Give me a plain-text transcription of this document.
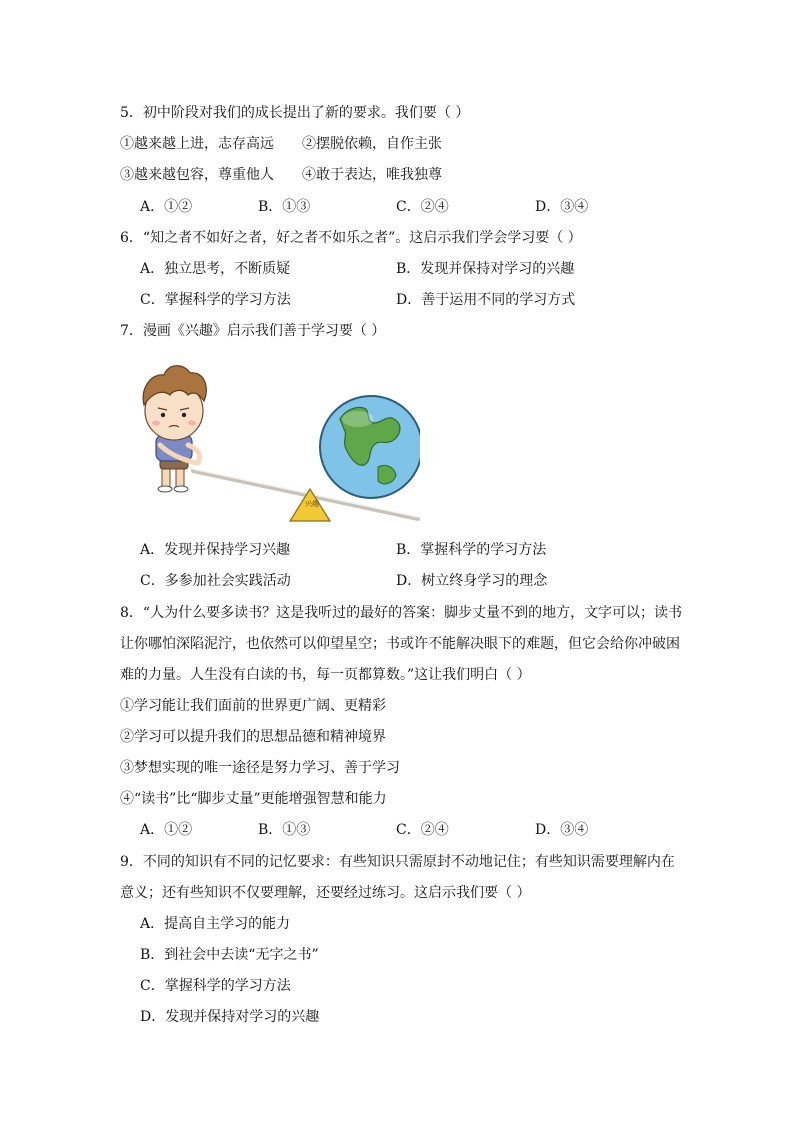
5．初中阶段对我们的成长提出了新的要求。我们要（ ）
①越来越上进，志存高远 ②摆脱依赖，自作主张
③越来越包容，尊重他人 ④敢于表达，唯我独尊
A．①②	B．①③	C．②④	D．③④
6．“知之者不如好之者，好之者不如乐之者”。这启示我们学会学习要（ ）
A．独立思考，不断质疑	B．发现并保持对学习的兴趣
C．掌握科学的学习方法	D．善于运用不同的学习方式
7．漫画《兴趣》启示我们善于学习要（ ）
兴趣
A．发现并保持学习兴趣	B．掌握科学的学习方法
C．多参加社会实践活动	D．树立终身学习的理念
8．“人为什么要多读书？这是我听过的最好的答案：脚步丈量不到的地方，文字可以；读书
让你哪怕深陷泥泞，也依然可以仰望星空；书或许不能解决眼下的难题，但它会给你冲破困
难的力量。人生没有白读的书，每一页都算数。”这让我们明白（ ）
①学习能让我们面前的世界更广阔、更精彩
②学习可以提升我们的思想品德和精神境界
③梦想实现的唯一途径是努力学习、善于学习
④“读书”比“脚步丈量”更能增强智慧和能力
A．①②	B．①③	C．②④	D．③④
9．不同的知识有不同的记忆要求：有些知识只需原封不动地记住；有些知识需要理解内在
意义；还有些知识不仅要理解，还要经过练习。这启示我们要（ ）
A．提高自主学习的能力
B．到社会中去读“无字之书”
C．掌握科学的学习方法
D．发现并保持对学习的兴趣
